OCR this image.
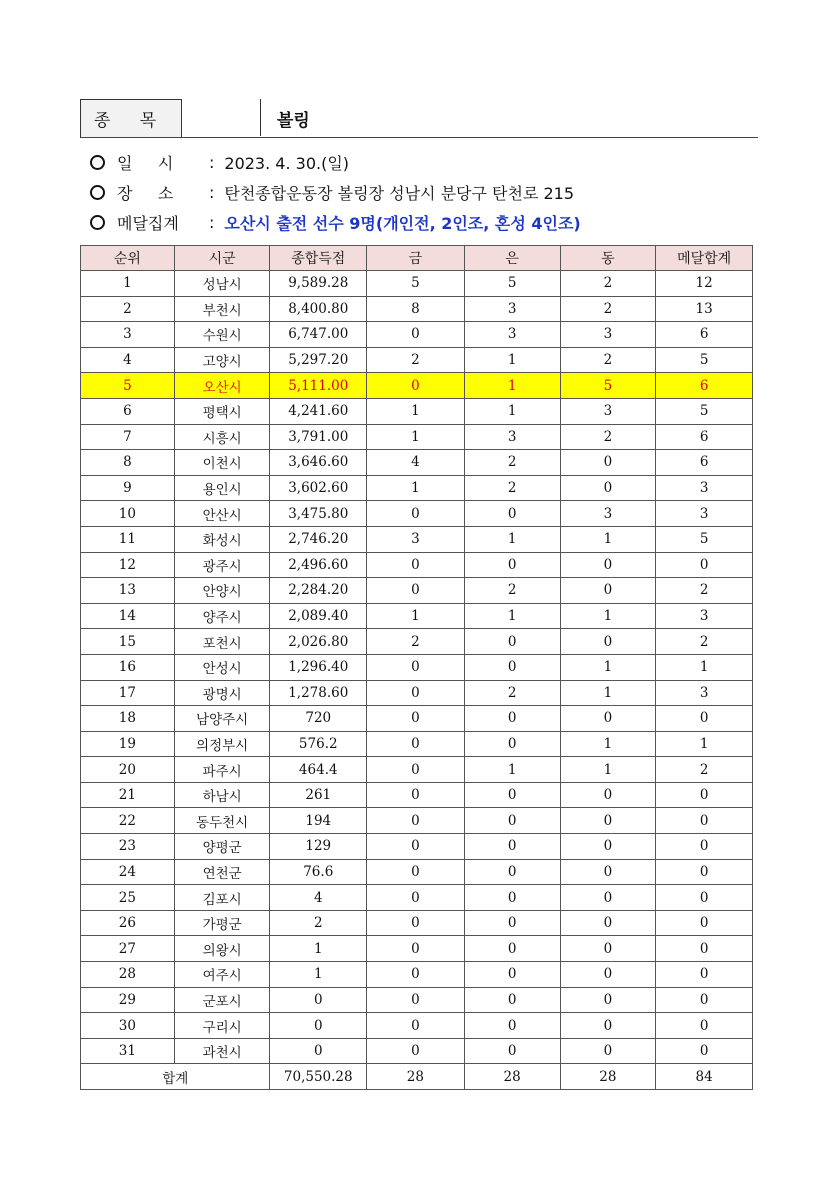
종 목	볼링
일     시	: 2023. 4. 30.(일)
장     소	: 탄천종합운동장 볼링장 성남시 분당구 탄천로 215
메달집계	: 오산시 출전 선수 9명(개인전, 2인조, 혼성 4인조)
순위	시군	종합득점	금	은	동	메달합계
1	성남시	9,589.28	5	5	2	12
2	부천시	8,400.80	8	3	2	13
3	수원시	6,747.00	0	3	3	6
4	고양시	5,297.20	2	1	2	5
5	오산시	5,111.00	0	1	5	6
6	평택시	4,241.60	1	1	3	5
7	시흥시	3,791.00	1	3	2	6
8	이천시	3,646.60	4	2	0	6
9	용인시	3,602.60	1	2	0	3
10	안산시	3,475.80	0	0	3	3
11	화성시	2,746.20	3	1	1	5
12	광주시	2,496.60	0	0	0	0
13	안양시	2,284.20	0	2	0	2
14	양주시	2,089.40	1	1	1	3
15	포천시	2,026.80	2	0	0	2
16	안성시	1,296.40	0	0	1	1
17	광명시	1,278.60	0	2	1	3
18	남양주시	720	0	0	0	0
19	의정부시	576.2	0	0	1	1
20	파주시	464.4	0	1	1	2
21	하남시	261	0	0	0	0
22	동두천시	194	0	0	0	0
23	양평군	129	0	0	0	0
24	연천군	76.6	0	0	0	0
25	김포시	4	0	0	0	0
26	가평군	2	0	0	0	0
27	의왕시	1	0	0	0	0
28	여주시	1	0	0	0	0
29	군포시	0	0	0	0	0
30	구리시	0	0	0	0	0
31	과천시	0	0	0	0	0
합계		70,550.28	28	28	28	84
